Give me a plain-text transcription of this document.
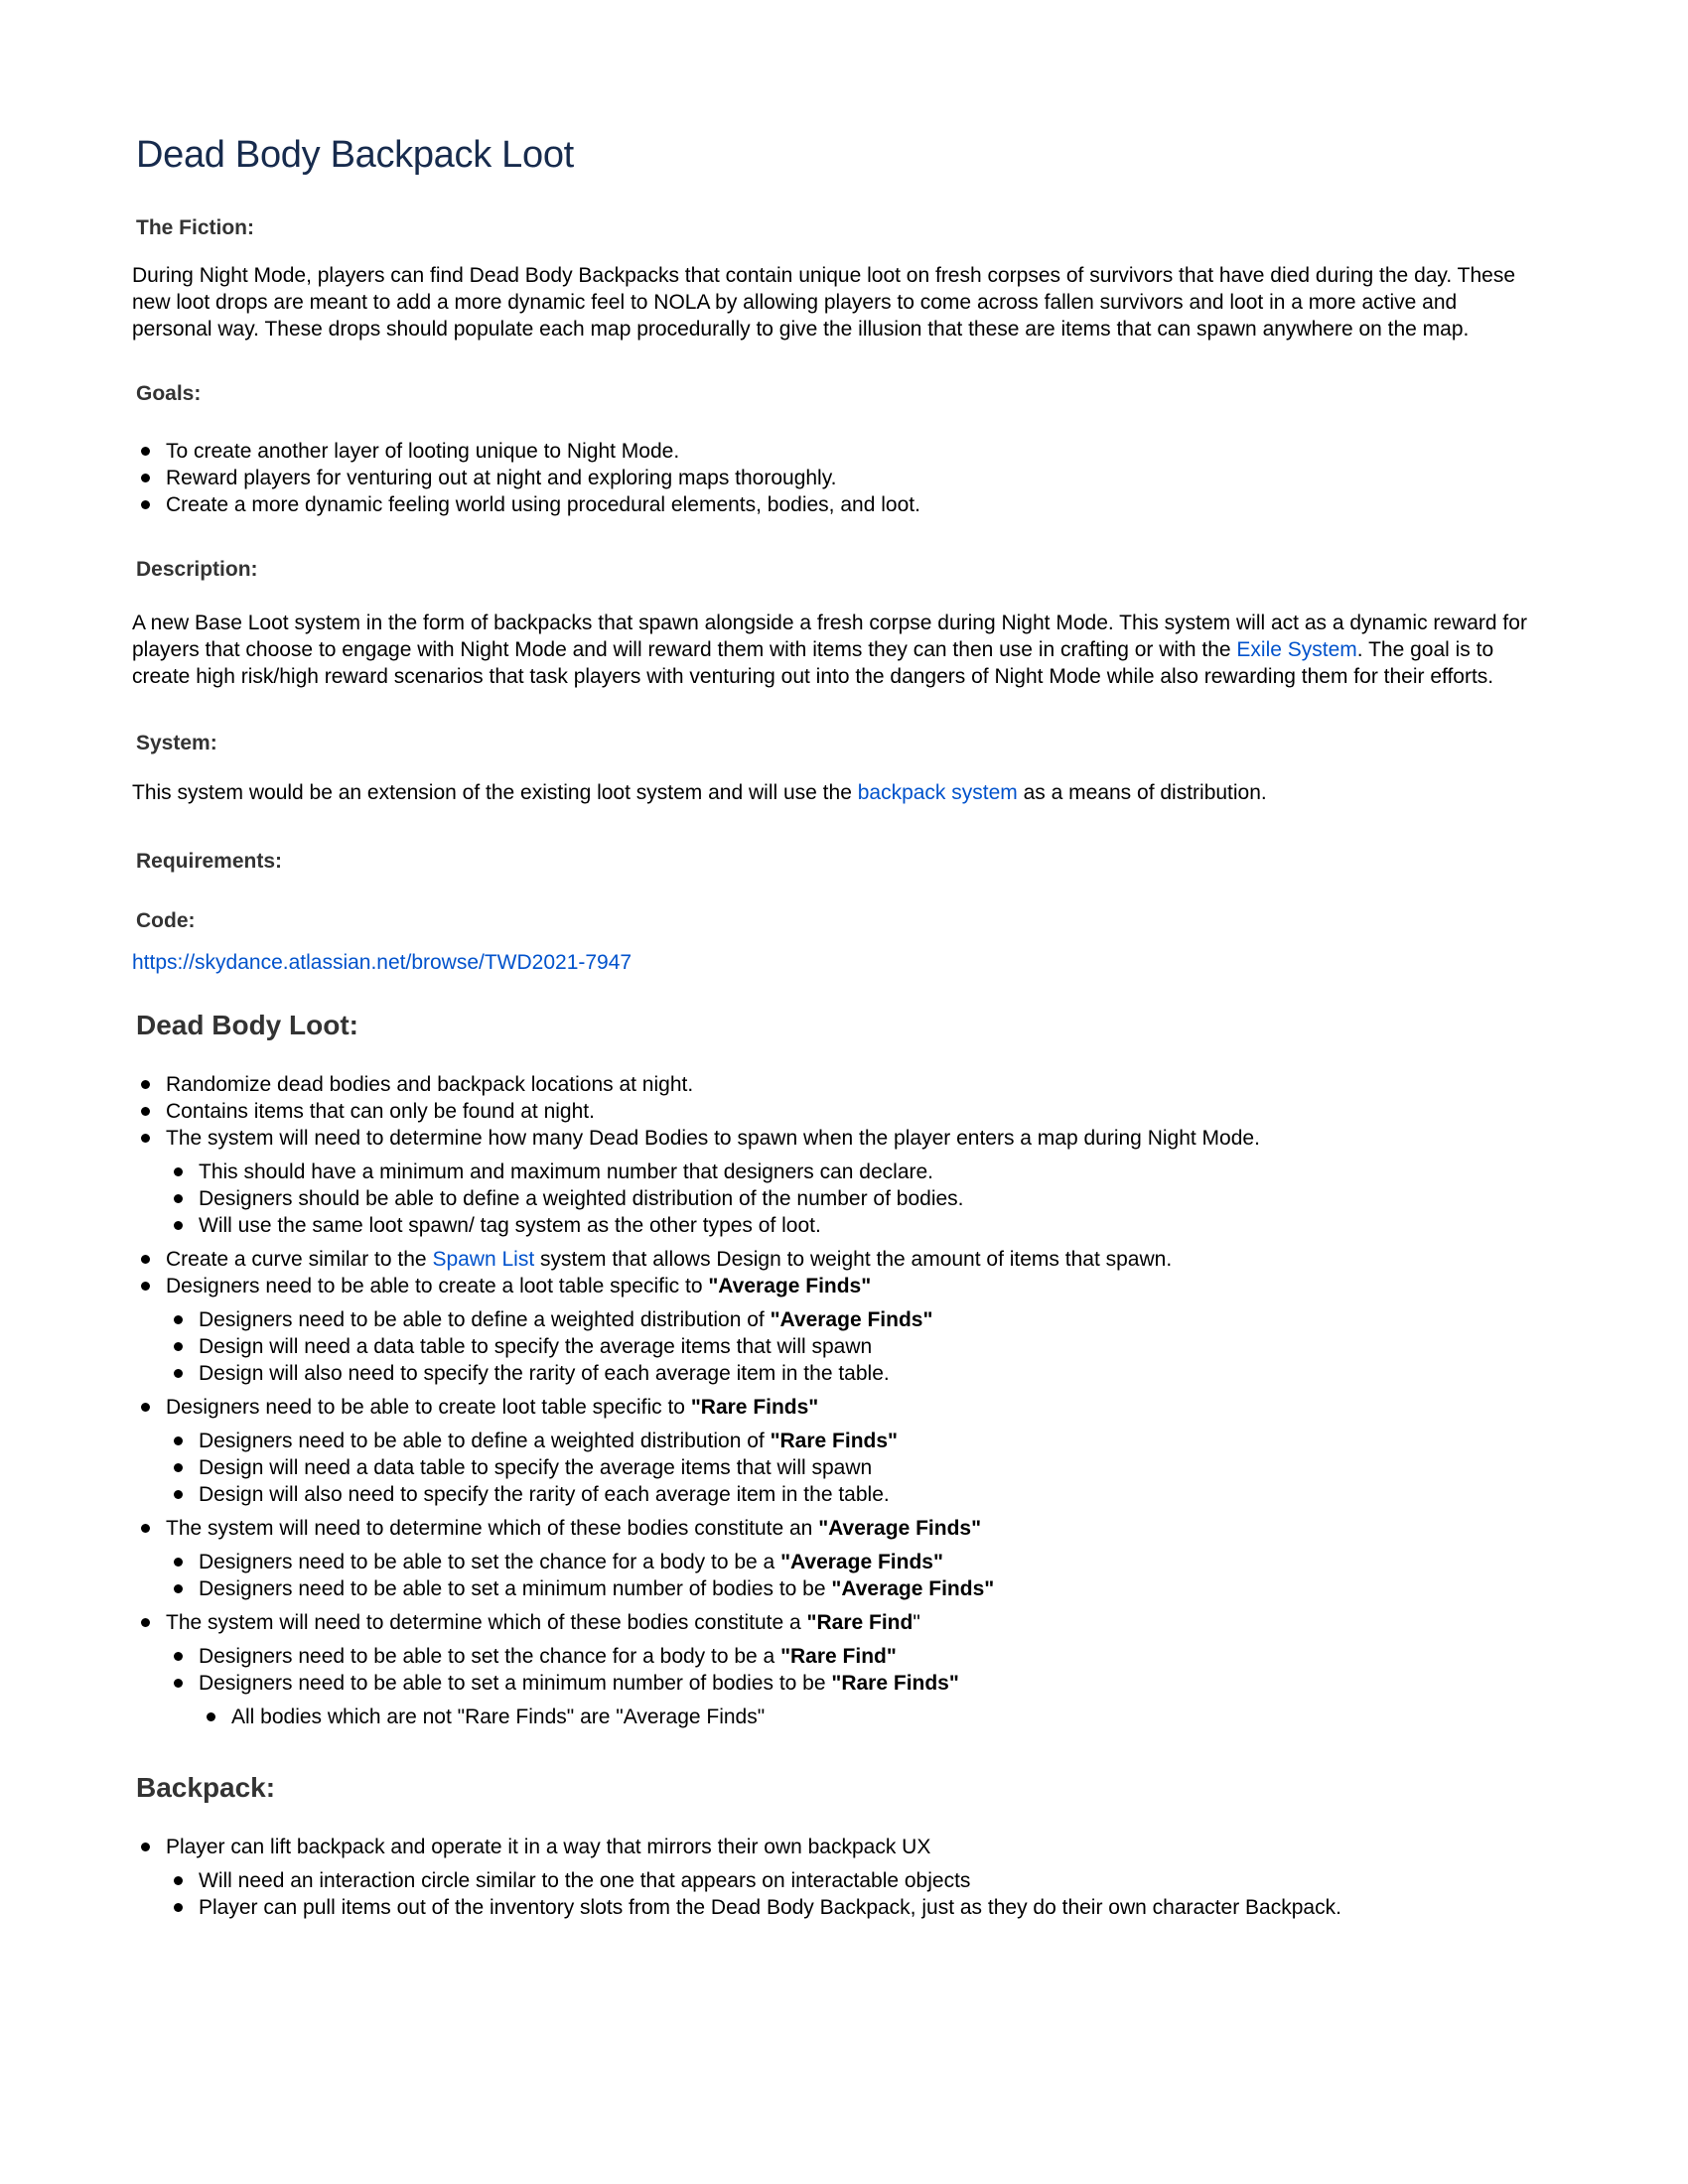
Dead Body Backpack Loot
The Fiction:

During Night Mode, players can find Dead Body Backpacks that contain unique loot on fresh corpses of survivors that have died during the day. These new loot drops are meant to add a more dynamic feel to NOLA by allowing players to come across fallen survivors and loot in a more active and personal way. These drops should populate each map procedurally to give the illusion that these are items that can spawn anywhere on the map.

Goals:
To create another layer of looting unique to Night Mode.
Reward players for venturing out at night and exploring maps thoroughly.
Create a more dynamic feeling world using procedural elements, bodies, and loot.
Description:

A new Base Loot system in the form of backpacks that spawn alongside a fresh corpse during Night Mode. This system will act as a dynamic reward for players that choose to engage with Night Mode and will reward them with items they can then use in crafting or with the Exile System. The goal is to create high risk/high reward scenarios that task players with venturing out into the dangers of Night Mode while also rewarding them for their efforts.

System:

This system would be an extension of the existing loot system and will use the backpack system as a means of distribution.

Requirements:
Code:

https://skydance.atlassian.net/browse/TWD2021-7947

Dead Body Loot:
Randomize dead bodies and backpack locations at night.
Contains items that can only be found at night.
The system will need to determine how many Dead Bodies to spawn when the player enters a map during Night Mode.
This should have a minimum and maximum number that designers can declare.
Designers should be able to define a weighted distribution of the number of bodies.
Will use the same loot spawn/ tag system as the other types of loot.
Create a curve similar to the Spawn List system that allows Design to weight the amount of items that spawn.
Designers need to be able to create a loot table specific to "Average Finds"
Designers need to be able to define a weighted distribution of "Average Finds"
Design will need a data table to specify the average items that will spawn
Design will also need to specify the rarity of each average item in the table.
Designers need to be able to create loot table specific to "Rare Finds"
Designers need to be able to define a weighted distribution of "Rare Finds"
Design will need a data table to specify the average items that will spawn
Design will also need to specify the rarity of each average item in the table.
The system will need to determine which of these bodies constitute an "Average Finds"
Designers need to be able to set the chance for a body to be a "Average Finds"
Designers need to be able to set a minimum number of bodies to be "Average Finds"
The system will need to determine which of these bodies constitute a "Rare Find"
Designers need to be able to set the chance for a body to be a "Rare Find"
Designers need to be able to set a minimum number of bodies to be "Rare Finds"
All bodies which are not "Rare Finds" are "Average Finds"
Backpack:
Player can lift backpack and operate it in a way that mirrors their own backpack UX
Will need an interaction circle similar to the one that appears on interactable objects
Player can pull items out of the inventory slots from the Dead Body Backpack, just as they do their own character Backpack.
